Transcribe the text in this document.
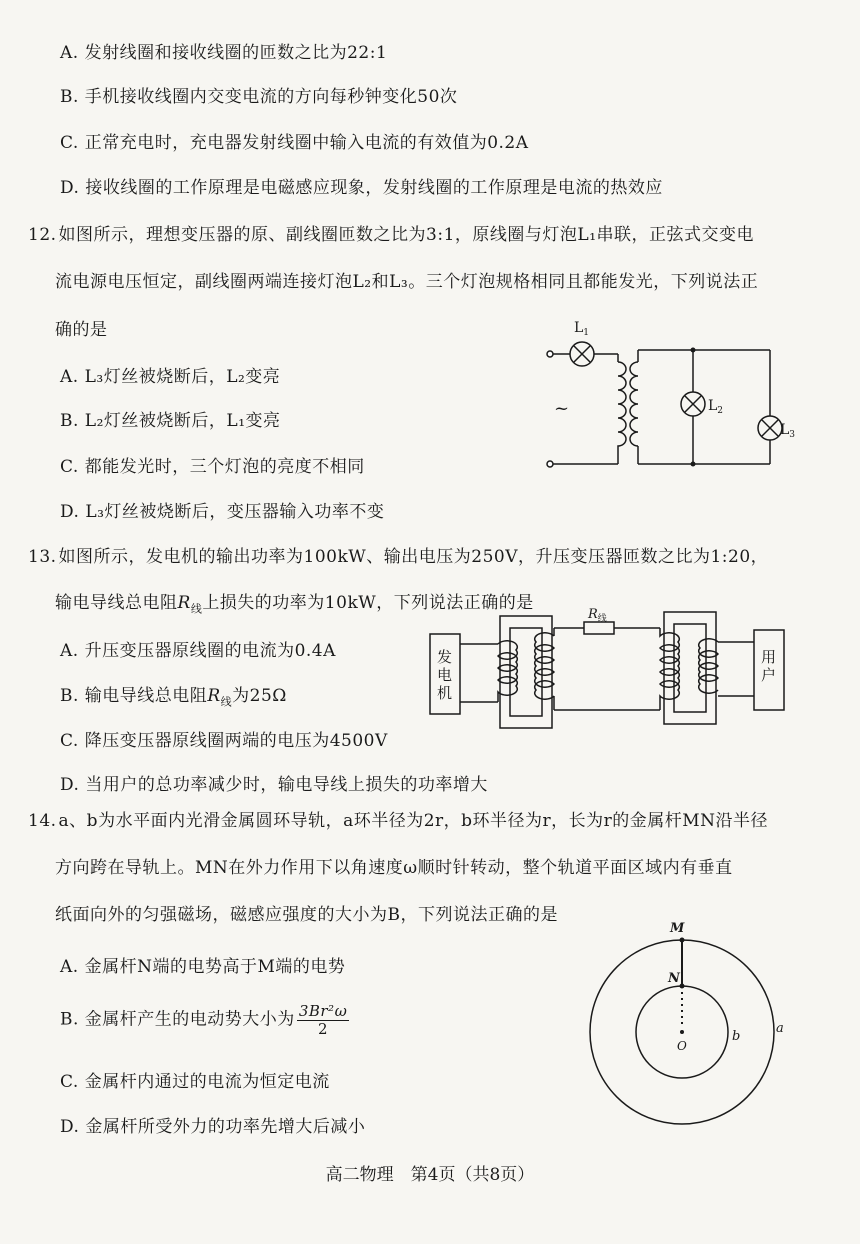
A. 发射线圈和接收线圈的匝数之比为22:1
B. 手机接收线圈内交变电流的方向每秒钟变化50次
C. 正常充电时，充电器发射线圈中输入电流的有效值为0.2A
D. 接收线圈的工作原理是电磁感应现象，发射线圈的工作原理是电流的热效应
12. 如图所示，理想变压器的原、副线圈匝数之比为3:1，原线圈与灯泡L₁串联，正弦式交变电
流电源电压恒定，副线圈两端连接灯泡L₂和L₃。三个灯泡规格相同且都能发光，下列说法正
确的是
A. L₃灯丝被烧断后，L₂变亮
B. L₂灯丝被烧断后，L₁变亮
C. 都能发光时，三个灯泡的亮度不相同
D. L₃灯丝被烧断后，变压器输入功率不变
$L_1$
$L_2$
$L_3$
~
13. 如图所示，发电机的输出功率为100kW、输出电压为250V，升压变压器匝数之比为1:20，
输电导线总电阻$R_线$上损失的功率为10kW，下列说法正确的是
A. 升压变压器原线圈的电流为0.4A
B. 输电导线总电阻$R_线$为25Ω
C. 降压变压器原线圈两端的电压为4500V
D. 当用户的总功率减少时，输电导线上损失的功率增大
发
电
机
用
户
$R_线$
14. a、b为水平面内光滑金属圆环导轨，a环半径为2r，b环半径为r，长为r的金属杆MN沿半径
方向跨在导轨上。MN在外力作用下以角速度ω顺时针转动，整个轨道平面区域内有垂直
纸面向外的匀强磁场，磁感应强度的大小为B，下列说法正确的是
A. 金属杆N端的电势高于M端的电势
B. 金属杆产生的电动势大小为 $\frac{\text{3Br²ω}}{2}$
C. 金属杆内通过的电流为恒定电流
D. 金属杆所受外力的功率先增大后减小
M
N
O
b
a
高二物理　第4页（共8页）
